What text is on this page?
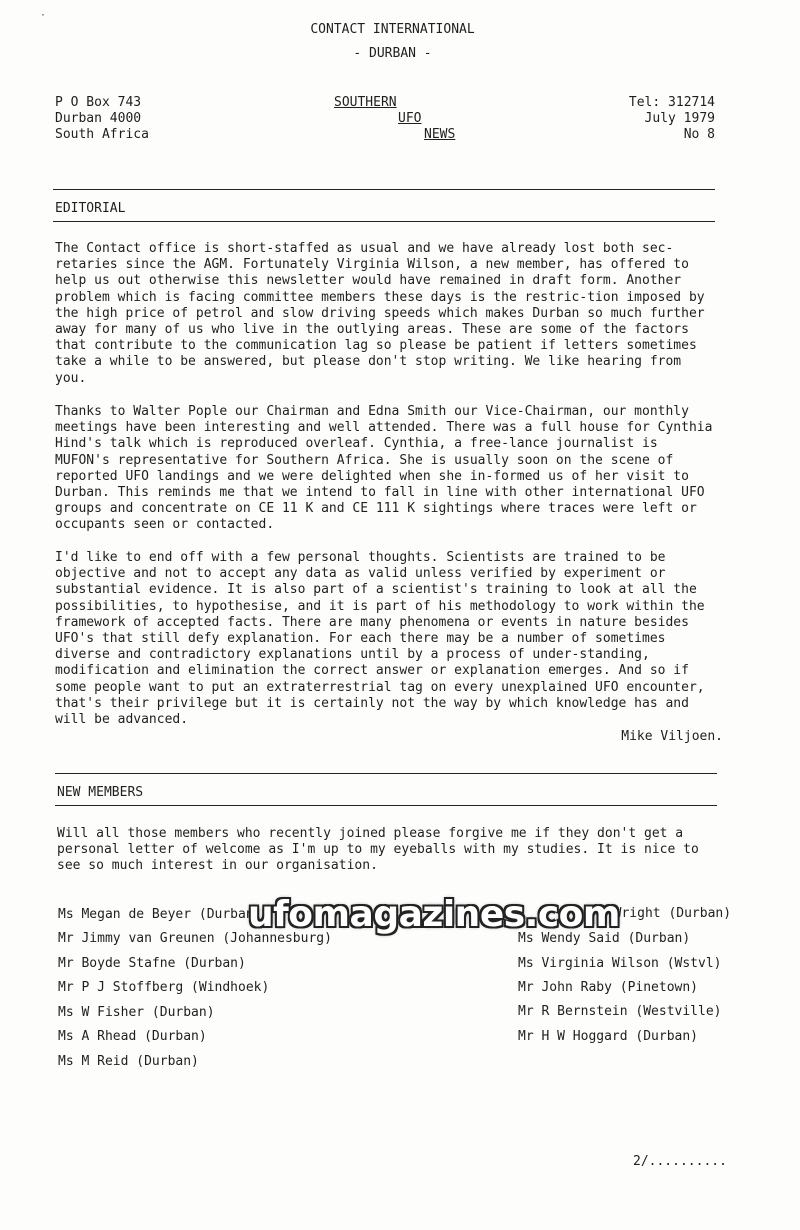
·
CONTACT INTERNATIONAL
- DURBAN -
P O Box 743
Durban 4000
South Africa
SOUTHERN
UFO
NEWS
Tel: 312714
July 1979
No 8
EDITORIAL

The Contact office is short-staffed as usual and we have already lost both sec-retaries since the AGM. Fortunately Virginia Wilson, a new member, has offered to help us out otherwise this newsletter would have remained in draft form. Another problem which is facing committee members these days is the restric-tion imposed by the high price of petrol and slow driving speeds which makes Durban so much further away for many of us who live in the outlying areas. These are some of the factors that contribute to the communication lag so please be patient if letters sometimes take a while to be answered, but please don't stop writing. We like hearing from you.

Thanks to Walter Pople our Chairman and Edna Smith our Vice-Chairman, our monthly meetings have been interesting and well attended. There was a full house for Cynthia Hind's talk which is reproduced overleaf. Cynthia, a free-lance journalist is MUFON's representative for Southern Africa. She is usually soon on the scene of reported UFO landings and we were delighted when she in-formed us of her visit to Durban. This reminds me that we intend to fall in line with other international UFO groups and concentrate on CE 11 K and CE 111 K sightings where traces were left or occupants seen or contacted.

I'd like to end off with a few personal thoughts. Scientists are trained to be objective and not to accept any data as valid unless verified by experiment or substantial evidence. It is also part of a scientist's training to look at all the possibilities, to hypothesise, and it is part of his methodology to work within the framework of accepted facts. There are many phenomena or events in nature besides UFO's that still defy explanation. For each there may be a number of sometimes diverse and contradictory explanations until by a process of under-standing, modification and elimination the correct answer or explanation emerges. And so if some people want to put an extraterrestrial tag on every unexplained UFO encounter, that's their privilege but it is certainly not the way by which knowledge has and will be advanced.

Mike Viljoen.
NEW MEMBERS

Will all those members who recently joined please forgive me if they don't get a personal letter of welcome as I'm up to my eyeballs with my studies. It is nice to see so much interest in our organisation.

Ms Megan de Beyer (Durban)
Mr Jimmy van Greunen (Johannesburg)
Mr Boyde Stafne (Durban)
Mr P J Stoffberg (Windhoek)
Ms W Fisher (Durban)
Ms A Rhead (Durban)
Ms M Reid (Durban)
C Wright (Durban)
Ms Wendy Said (Durban)
Ms Virginia Wilson (Wstvl)
Mr John Raby (Pinetown)
Mr R Bernstein (Westville)
Mr H W Hoggard (Durban)
ufomagazines.com
2/..........
